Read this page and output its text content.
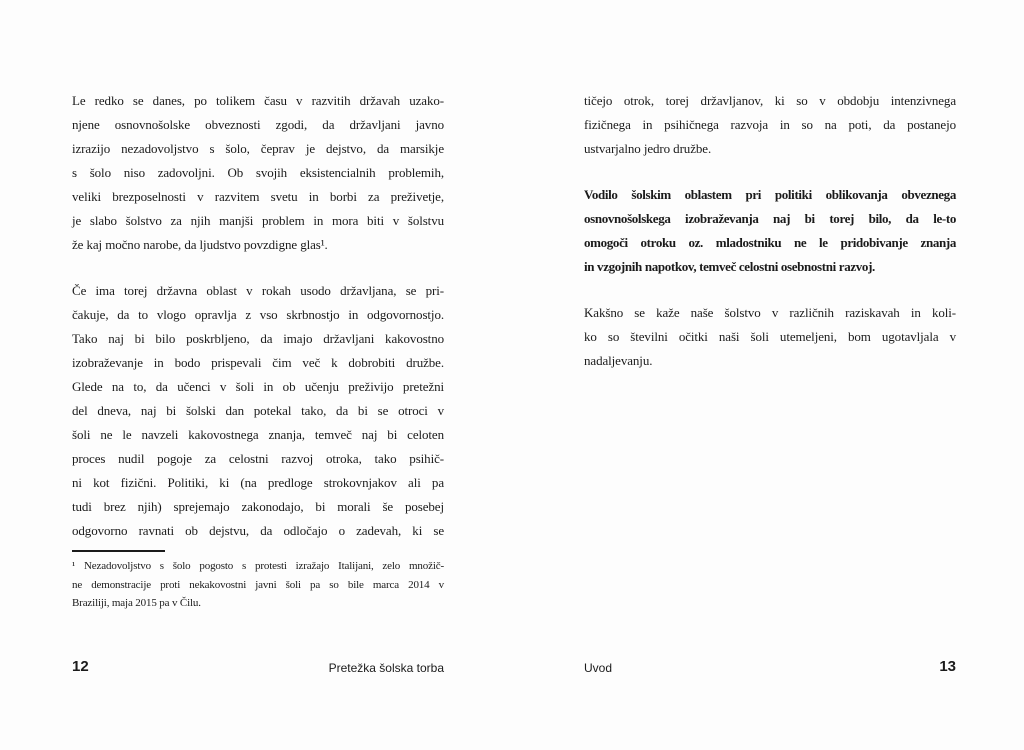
Le redko se danes, po tolikem času v razvitih državah uzako-
njene osnovnošolske obveznosti zgodi, da državljani javno
izrazijo nezadovoljstvo s šolo, čeprav je dejstvo, da marsikje
s šolo niso zadovoljni. Ob svojih eksistencialnih problemih,
veliki brezposelnosti v razvitem svetu in borbi za preživetje,
je slabo šolstvo za njih manjši problem in mora biti v šolstvu
že kaj močno narobe, da ljudstvo povzdigne glas¹.
Če ima torej državna oblast v rokah usodo državljana, se pri-
čakuje, da to vlogo opravlja z vso skrbnostjo in odgovornostjo.
Tako naj bi bilo poskrbljeno, da imajo državljani kakovostno
izobraževanje in bodo prispevali čim več k dobrobiti družbe.
Glede na to, da učenci v šoli in ob učenju preživijo pretežni
del dneva, naj bi šolski dan potekal tako, da bi se otroci v
šoli ne le navzeli kakovostnega znanja, temveč naj bi celoten
proces nudil pogoje za celostni razvoj otroka, tako psihič-
ni kot fizični. Politiki, ki (na predloge strokovnjakov ali pa
tudi brez njih) sprejemajo zakonodajo, bi morali še posebej
odgovorno ravnati ob dejstvu, da odločajo o zadevah, ki se
¹ Nezadovoljstvo s šolo pogosto s protesti izražajo Italijani, zelo množič-
ne demonstracije proti nekakovostni javni šoli pa so bile marca 2014 v
Braziliji, maja 2015 pa v Čilu.
12	Pretežka šolska torba
tičejo otrok, torej državljanov, ki so v obdobju intenzivnega
fizičnega in psihičnega razvoja in so na poti, da postanejo
ustvarjalno jedro družbe.
Vodilo šolskim oblastem pri politiki oblikovanja obveznega
osnovnošolskega izobraževanja naj bi torej bilo, da le-to
omogoči otroku oz. mladostniku ne le pridobivanje znanja
in vzgojnih napotkov, temveč celostni osebnostni razvoj.
Kakšno se kaže naše šolstvo v različnih raziskavah in koli-
ko so številni očitki naši šoli utemeljeni, bom ugotavljala v
nadaljevanju.
Uvod	13
